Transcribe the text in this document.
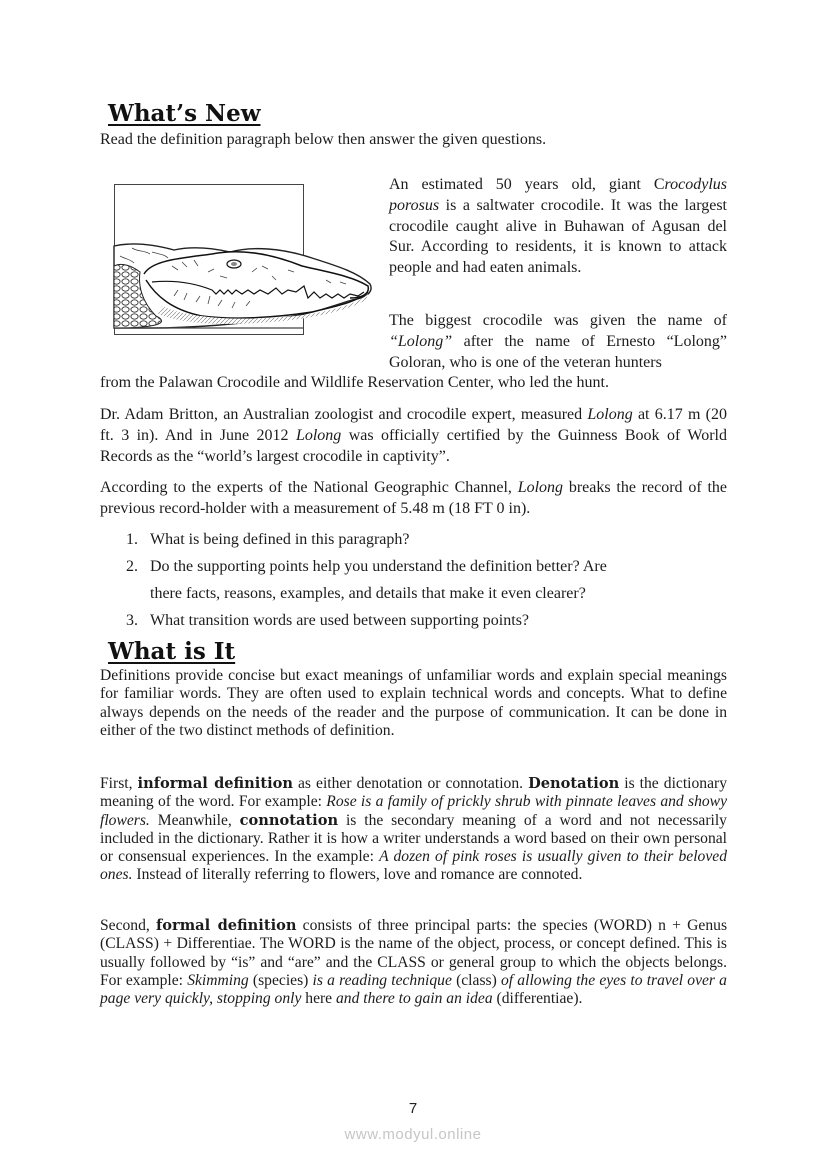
What’s New

Read the definition paragraph below then answer the given questions.

An estimated 50 years old, giant Crocodylus porosus is a saltwater crocodile. It was the largest crocodile caught alive in Buhawan of Agusan del Sur. According to residents, it is known to attack people and had eaten animals.

The biggest crocodile was given the name of “Lolong” after the name of Ernesto “Lolong” Goloran, who is one of the veteran hunters

from the Palawan Crocodile and Wildlife Reservation Center, who led the hunt.

Dr. Adam Britton, an Australian zoologist and crocodile expert, measured Lolong at 6.17 m (20 ft. 3 in). And in June 2012 Lolong was officially certified by the Guinness Book of World Records as the “world’s largest crocodile in captivity”.

According to the experts of the National Geographic Channel, Lolong breaks the record of the previous record-holder with a measurement of 5.48 m (18 FT 0 in).

1. What is being defined in this paragraph?
2. Do the supporting points help you understand the definition better? Are
there facts, reasons, examples, and details that make it even clearer?
3. What transition words are used between supporting points?
What is It

Definitions provide concise but exact meanings of unfamiliar words and explain special meanings for familiar words. They are often used to explain technical words and concepts. What to define always depends on the needs of the reader and the purpose of communication. It can be done in either of the two distinct methods of definition.

First, informal definition as either denotation or connotation. Denotation is the dictionary meaning of the word. For example: Rose is a family of prickly shrub with pinnate leaves and showy flowers. Meanwhile, connotation is the secondary meaning of a word and not necessarily included in the dictionary. Rather it is how a writer understands a word based on their own personal or consensual experiences. In the example: A dozen of pink roses is usually given to their beloved ones. Instead of literally referring to flowers, love and romance are connoted.

Second, formal definition consists of three principal parts: the species (WORD) n + Genus (CLASS) + Differentiae. The WORD is the name of the object, process, or concept defined. This is usually followed by “is” and “are” and the CLASS or general group to which the objects belongs. For example: Skimming (species) is a reading technique (class) of allowing the eyes to travel over a page very quickly, stopping only here and there to gain an idea (differentiae).

7
www.modyul.online
